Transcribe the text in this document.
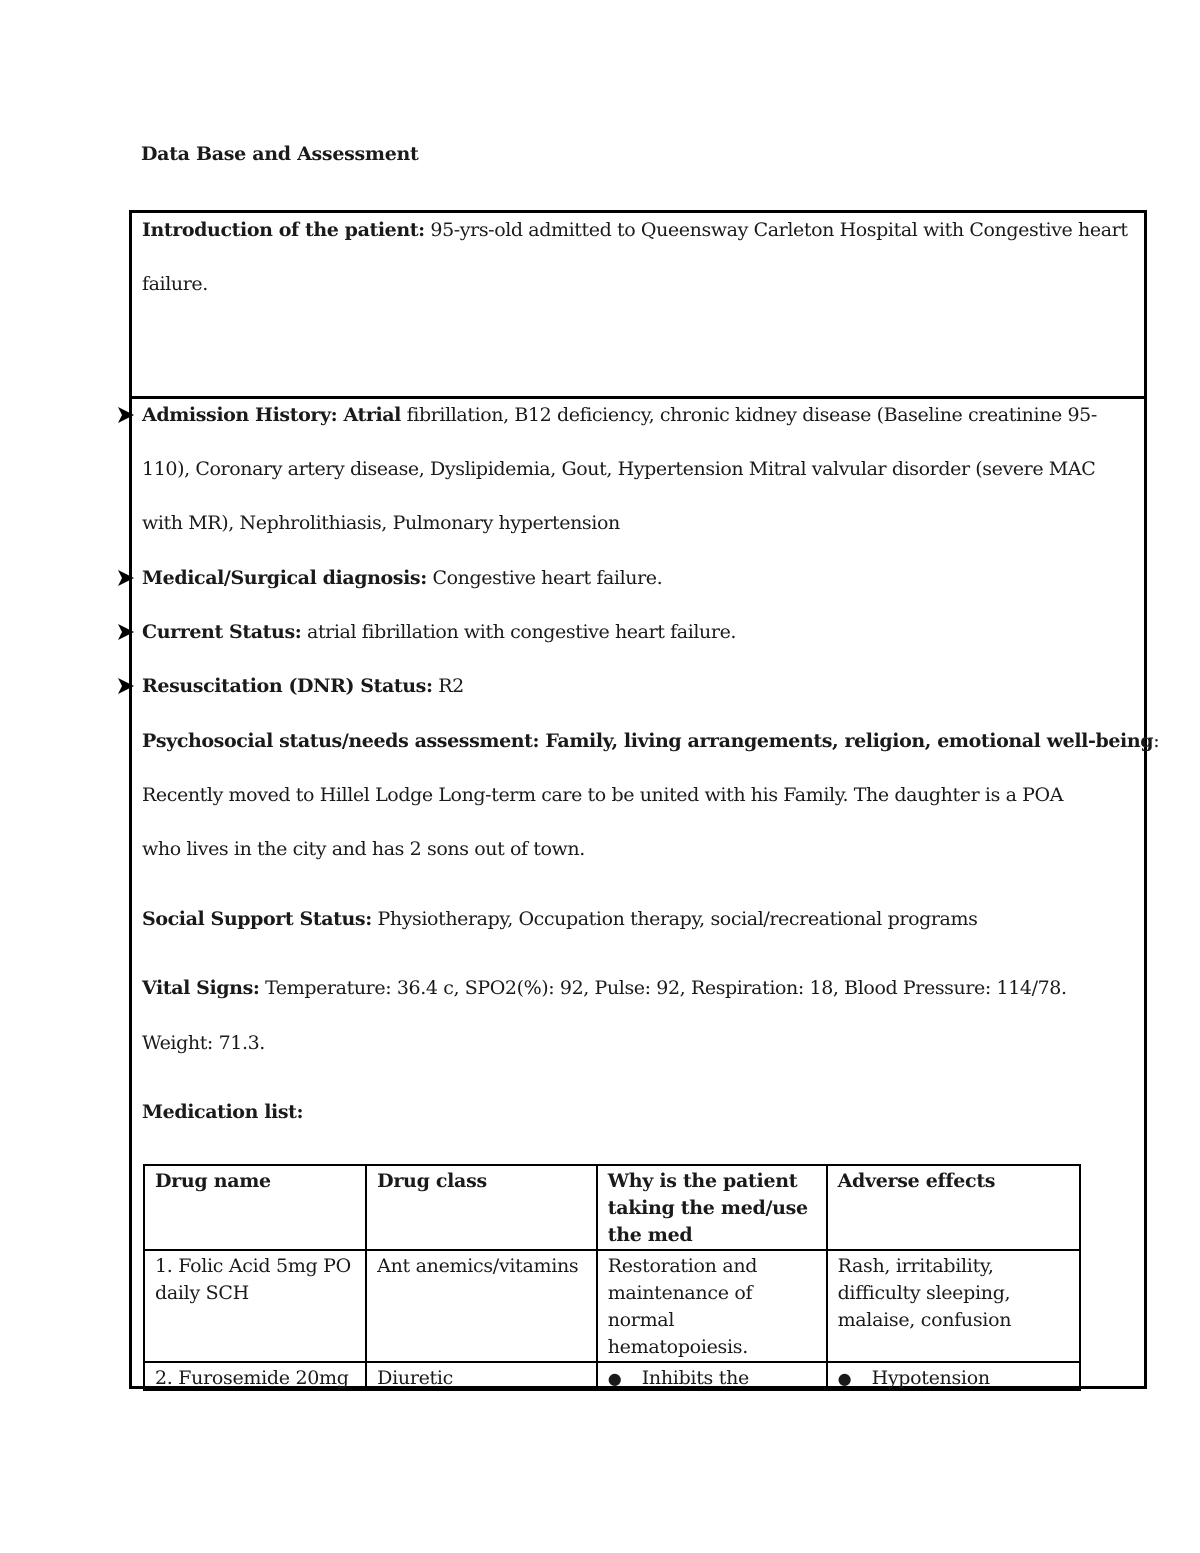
Data Base and Assessment
Introduction of the patient: 95-yrs-old admitted to Queensway Carleton Hospital with Congestive heart
failure.
Admission History: Atrial fibrillation, B12 deficiency, chronic kidney disease (Baseline creatinine 95-
110), Coronary artery disease, Dyslipidemia, Gout, Hypertension Mitral valvular disorder (severe MAC
with MR), Nephrolithiasis, Pulmonary hypertension
Medical/Surgical diagnosis: Congestive heart failure.
Current Status: atrial fibrillation with congestive heart failure.
Resuscitation (DNR) Status: R2
Psychosocial status/needs assessment: Family, living arrangements, religion, emotional well-being:
Recently moved to Hillel Lodge Long-term care to be united with his Family. The daughter is a POA
who lives in the city and has 2 sons out of town.
Social Support Status: Physiotherapy, Occupation therapy, social/recreational programs
Vital Signs: Temperature: 36.4 c, SPO2(%): 92, Pulse: 92, Respiration: 18, Blood Pressure: 114/78.
Weight: 71.3.
Medication list:
Drug name	Drug class	Why is the patient taking the med/use the med	Adverse effects
1. Folic Acid 5mg PO daily SCH	Ant anemics/vitamins	Restoration and maintenance of normal hematopoiesis.	Rash, irritability, difficulty sleeping, malaise, confusion

2. Furosemide 20mg	Diuretic	● Inhibits the	● Hypotension
